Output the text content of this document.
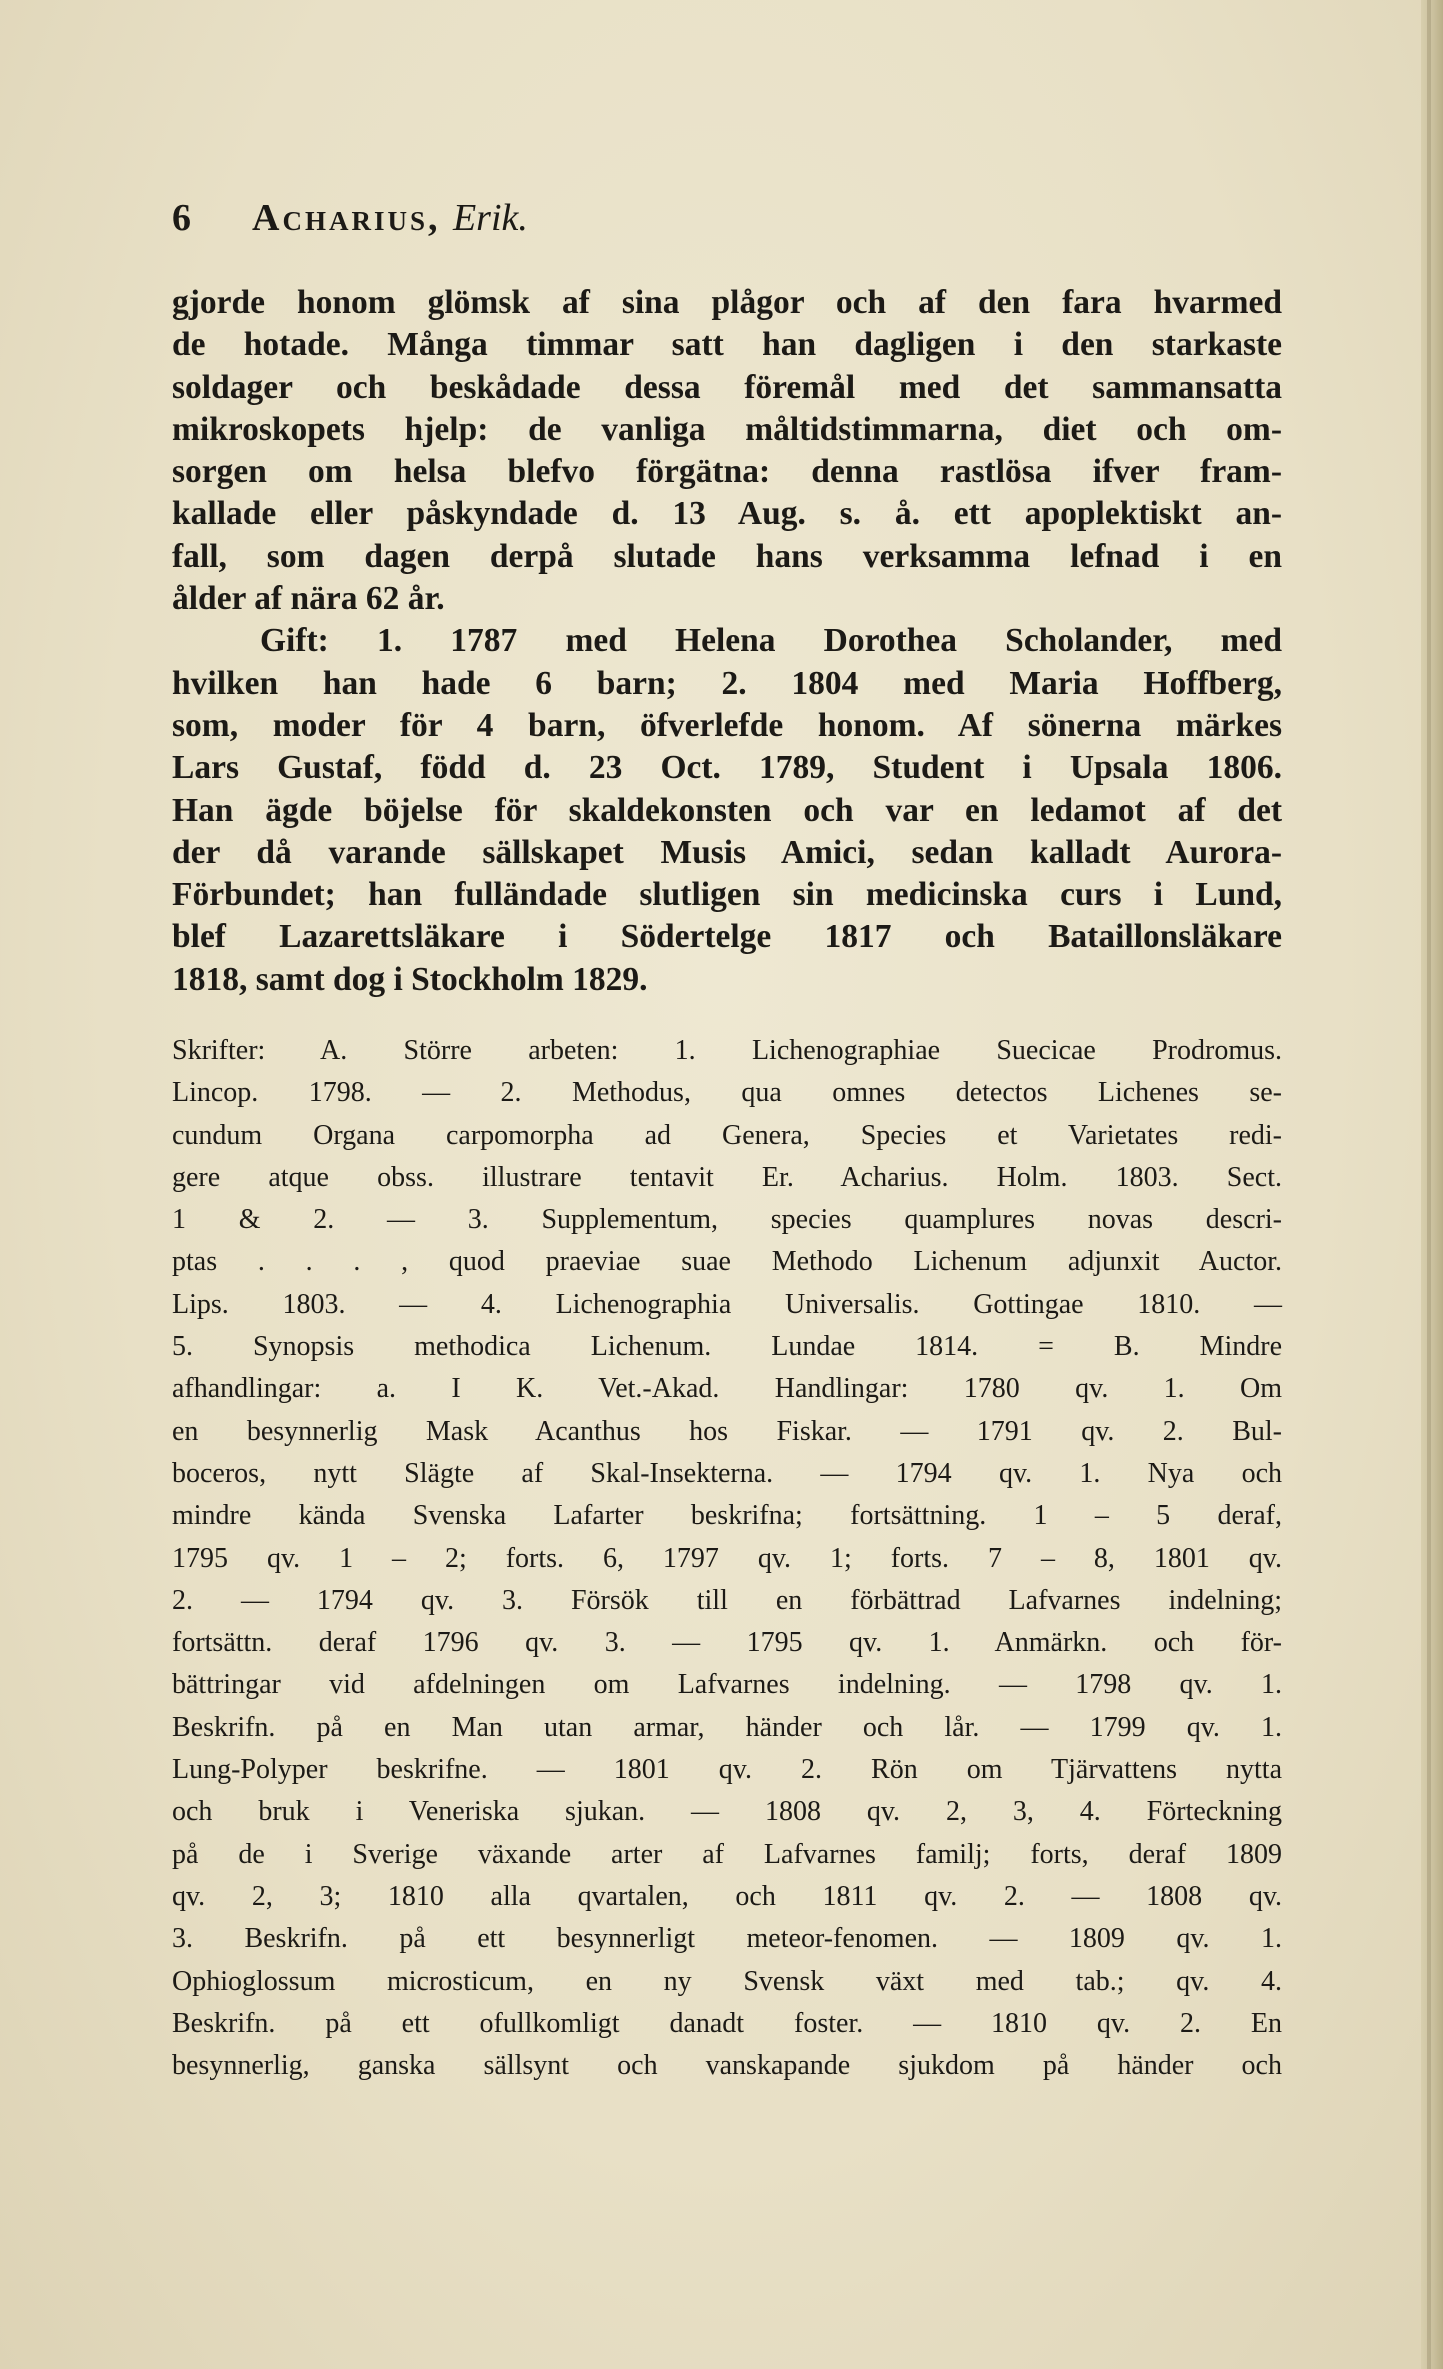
6 Acharius, Erik.
gjorde honom glömsk af sina plågor och af den fara hvarmed
de hotade. Många timmar satt han dagligen i den starkaste
soldager och beskådade dessa föremål med det sammansatta
mikroskopets hjelp: de vanliga måltidstimmarna, diet och om-
sorgen om helsa blefvo förgätna: denna rastlösa ifver fram-
kallade eller påskyndade d. 13 Aug. s. å. ett apoplektiskt an-
fall, som dagen derpå slutade hans verksamma lefnad i en
ålder af nära 62 år.
Gift: 1. 1787 med Helena Dorothea Scholander, med
hvilken han hade 6 barn; 2. 1804 med Maria Hoffberg,
som, moder för 4 barn, öfverlefde honom. Af sönerna märkes
Lars Gustaf, född d. 23 Oct. 1789, Student i Upsala 1806.
Han ägde böjelse för skaldekonsten och var en ledamot af det
der då varande sällskapet Musis Amici, sedan kalladt Aurora-
Förbundet; han fulländade slutligen sin medicinska curs i Lund,
blef Lazarettsläkare i Södertelge 1817 och Bataillonsläkare
1818, samt dog i Stockholm 1829.
Skrifter: A. Större arbeten: 1. Lichenographiae Suecicae Prodromus.
Lincop. 1798. — 2. Methodus, qua omnes detectos Lichenes se-
cundum Organa carpomorpha ad Genera, Species et Varietates redi-
gere atque obss. illustrare tentavit Er. Acharius. Holm. 1803. Sect.
1 & 2. — 3. Supplementum, species quamplures novas descri-
ptas . . . , quod praeviae suae Methodo Lichenum adjunxit Auctor.
Lips. 1803. — 4. Lichenographia Universalis. Gottingae 1810. —
5. Synopsis methodica Lichenum. Lundae 1814. = B. Mindre
afhandlingar: a. I K. Vet.-Akad. Handlingar: 1780 qv. 1. Om
en besynnerlig Mask Acanthus hos Fiskar. — 1791 qv. 2. Bul-
boceros, nytt Slägte af Skal-Insekterna. — 1794 qv. 1. Nya och
mindre kända Svenska Lafarter beskrifna; fortsättning. 1 – 5 deraf,
1795 qv. 1 – 2; forts. 6, 1797 qv. 1; forts. 7 – 8, 1801 qv.
2. — 1794 qv. 3. Försök till en förbättrad Lafvarnes indelning;
fortsättn. deraf 1796 qv. 3. — 1795 qv. 1. Anmärkn. och för-
bättringar vid afdelningen om Lafvarnes indelning. — 1798 qv. 1.
Beskrifn. på en Man utan armar, händer och lår. — 1799 qv. 1.
Lung-Polyper beskrifne. — 1801 qv. 2. Rön om Tjärvattens nytta
och bruk i Veneriska sjukan. — 1808 qv. 2, 3, 4. Förteckning
på de i Sverige växande arter af Lafvarnes familj; forts, deraf 1809
qv. 2, 3; 1810 alla qvartalen, och 1811 qv. 2. — 1808 qv.
3. Beskrifn. på ett besynnerligt meteor-fenomen. — 1809 qv. 1.
Ophioglossum microsticum, en ny Svensk växt med tab.; qv. 4.
Beskrifn. på ett ofullkomligt danadt foster. — 1810 qv. 2. En
besynnerlig, ganska sällsynt och vanskapande sjukdom på händer och
